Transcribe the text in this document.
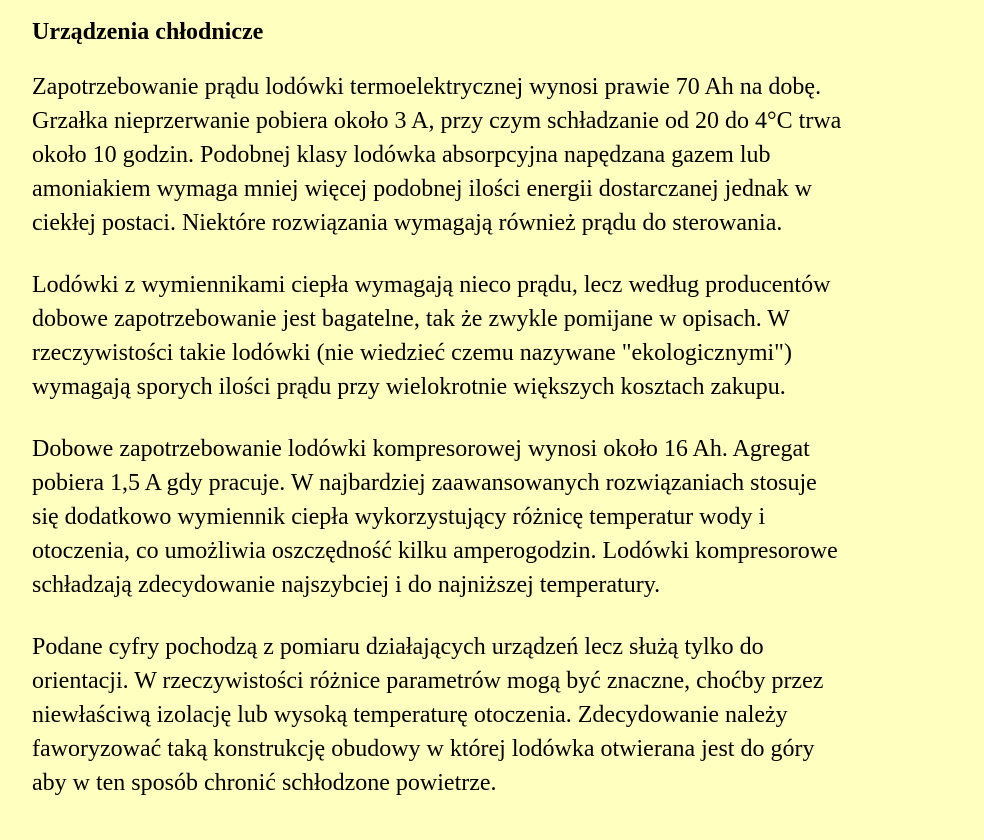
Urządzenia chłodnicze

Zapotrzebowanie prądu lodówki termoelektrycznej wynosi prawie 70 Ah na dobę.
Grzałka nieprzerwanie pobiera około 3 A, przy czym schładzanie od 20 do 4°C trwa
około 10 godzin. Podobnej klasy lodówka absorpcyjna napędzana gazem lub
amoniakiem wymaga mniej więcej podobnej ilości energii dostarczanej jednak w
ciekłej postaci. Niektóre rozwiązania wymagają również prądu do sterowania.

Lodówki z wymiennikami ciepła wymagają nieco prądu, lecz według producentów
dobowe zapotrzebowanie jest bagatelne, tak że zwykle pomijane w opisach. W
rzeczywistości takie lodówki (nie wiedzieć czemu nazywane "ekologicznymi")
wymagają sporych ilości prądu przy wielokrotnie większych kosztach zakupu.

Dobowe zapotrzebowanie lodówki kompresorowej wynosi około 16 Ah. Agregat
pobiera 1,5 A gdy pracuje. W najbardziej zaawansowanych rozwiązaniach stosuje
się dodatkowo wymiennik ciepła wykorzystujący różnicę temperatur wody i
otoczenia, co umożliwia oszczędność kilku amperogodzin. Lodówki kompresorowe
schładzają zdecydowanie najszybciej i do najniższej temperatury.

Podane cyfry pochodzą z pomiaru działających urządzeń lecz służą tylko do
orientacji. W rzeczywistości różnice parametrów mogą być znaczne, choćby przez
niewłaściwą izolację lub wysoką temperaturę otoczenia. Zdecydowanie należy
faworyzować taką konstrukcję obudowy w której lodówka otwierana jest do góry
aby w ten sposób chronić schłodzone powietrze.
